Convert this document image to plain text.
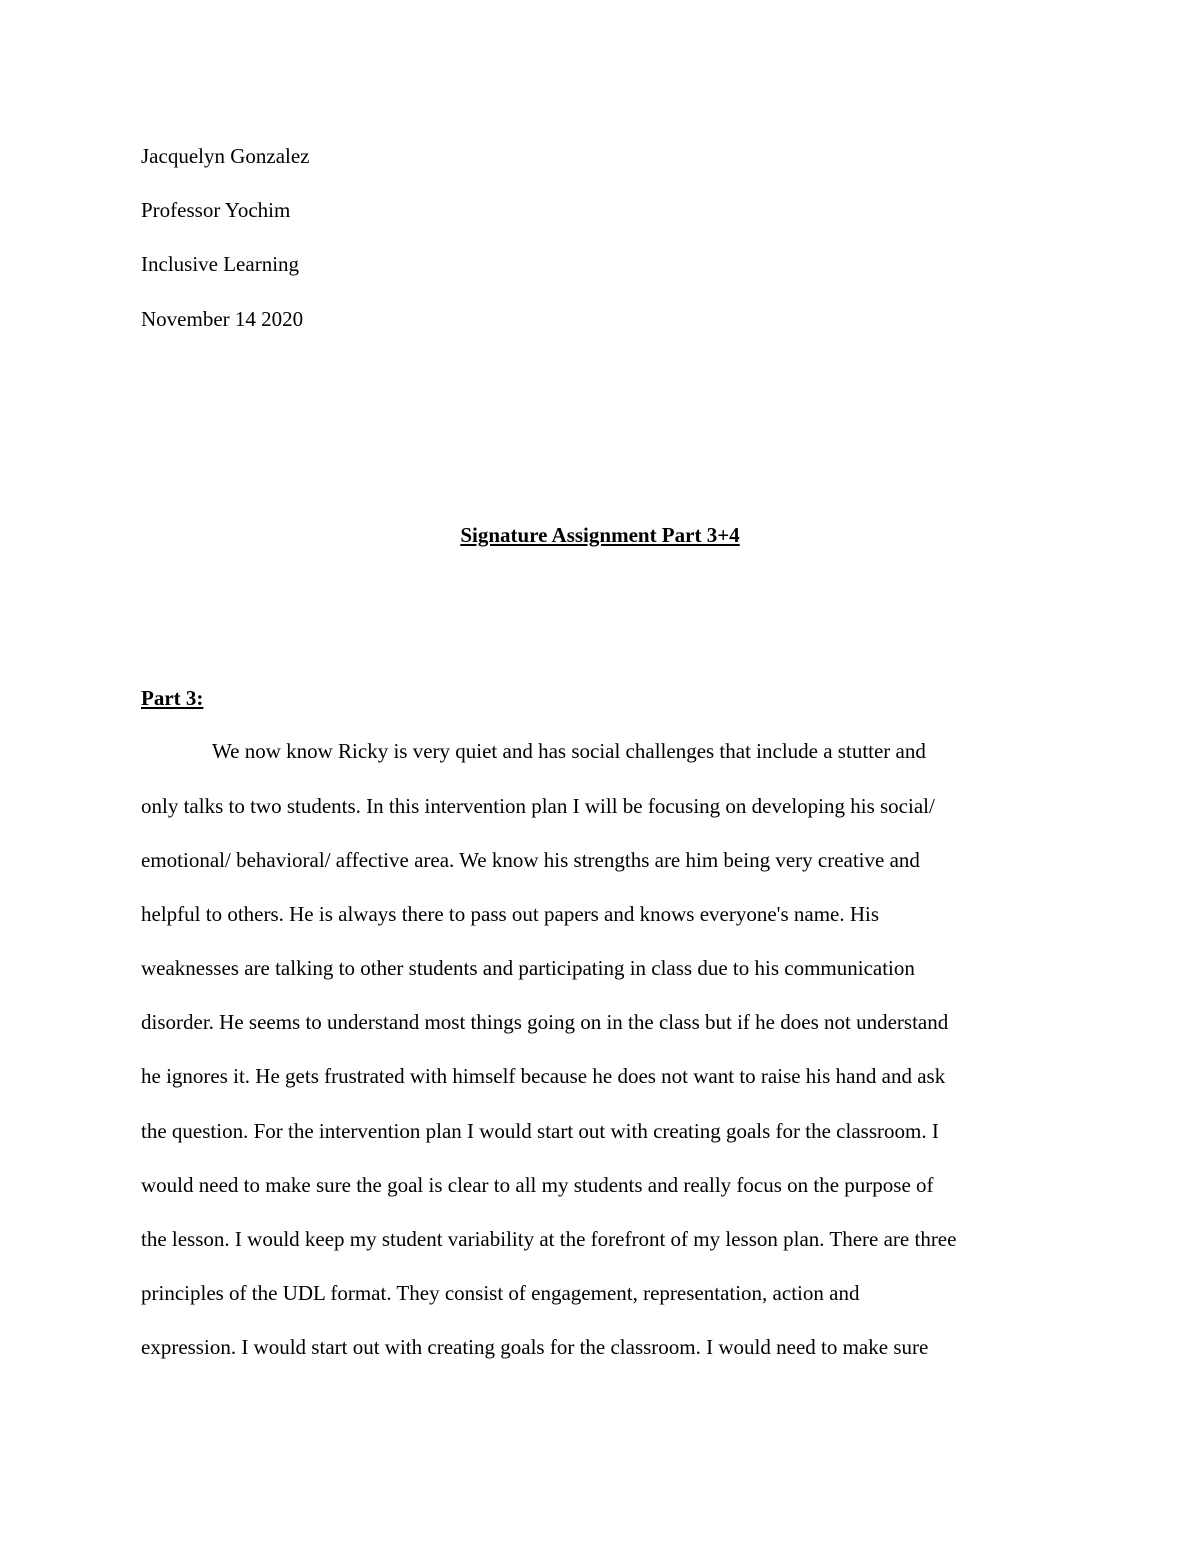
Jacquelyn Gonzalez

Professor Yochim

Inclusive Learning

November 14 2020

Signature Assignment Part 3+4
Part 3:

We now know Ricky is very quiet and has social challenges that include a stutter and

only talks to two students. In this intervention plan I will be focusing on developing his social/

emotional/ behavioral/ affective area. We know his strengths are him being very creative and

helpful to others. He is always there to pass out papers and knows everyone's name. His

weaknesses are talking to other students and participating in class due to his communication

disorder. He seems to understand most things going on in the class but if he does not understand

he ignores it. He gets frustrated with himself because he does not want to raise his hand and ask

the question. For the intervention plan I would start out with creating goals for the classroom. I

would need to make sure the goal is clear to all my students and really focus on the purpose of

the lesson. I would keep my student variability at the forefront of my lesson plan. There are three

principles of the UDL format. They consist of engagement, representation, action and

expression. I would start out with creating goals for the classroom. I would need to make sure
